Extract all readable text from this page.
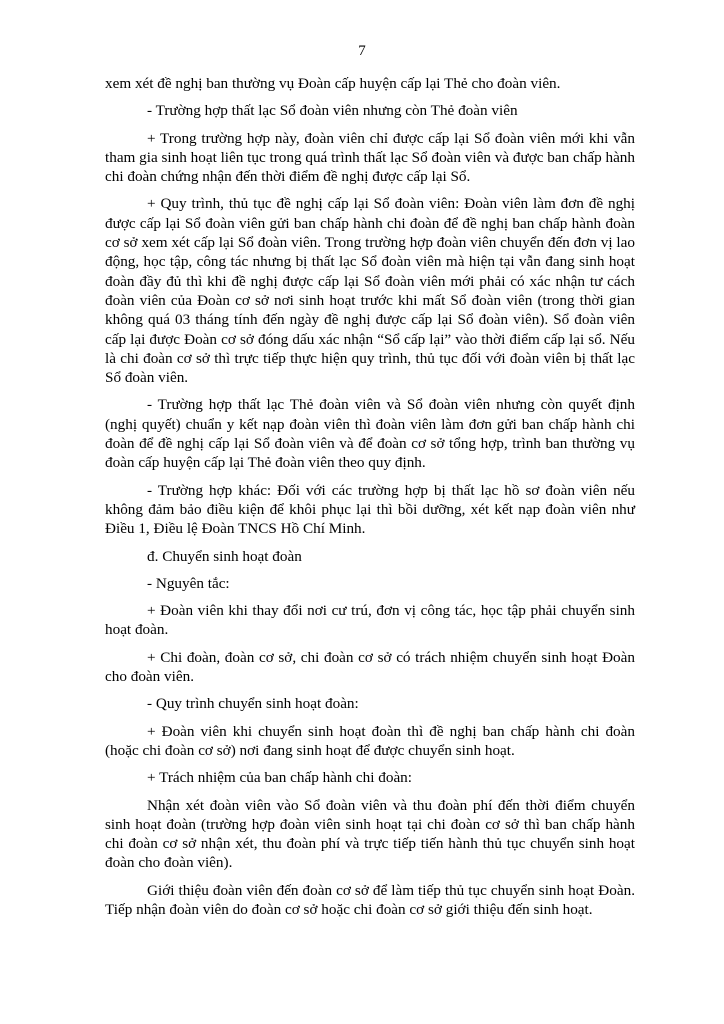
7

xem xét đề nghị ban thường vụ Đoàn cấp huyện cấp lại Thẻ cho đoàn viên.

- Trường hợp thất lạc Sổ đoàn viên nhưng còn Thẻ đoàn viên

+ Trong trường hợp này, đoàn viên chỉ được cấp lại Sổ đoàn viên mới khi vẫn tham gia sinh hoạt liên tục trong quá trình thất lạc Sổ đoàn viên và được ban chấp hành chi đoàn chứng nhận đến thời điểm đề nghị được cấp lại Sổ.

+ Quy trình, thủ tục đề nghị cấp lại Sổ đoàn viên: Đoàn viên làm đơn đề nghị được cấp lại Sổ đoàn viên gửi ban chấp hành chi đoàn để đề nghị ban chấp hành đoàn cơ sở xem xét cấp lại Sổ đoàn viên. Trong trường hợp đoàn viên chuyển đến đơn vị lao động, học tập, công tác nhưng bị thất lạc Sổ đoàn viên mà hiện tại vẫn đang sinh hoạt đoàn đầy đủ thì khi đề nghị được cấp lại Sổ đoàn viên mới phải có xác nhận tư cách đoàn viên của Đoàn cơ sở nơi sinh hoạt trước khi mất Sổ đoàn viên (trong thời gian không quá 03 tháng tính đến ngày đề nghị được cấp lại Sổ đoàn viên). Sổ đoàn viên cấp lại được Đoàn cơ sở đóng dấu xác nhận “Sổ cấp lại” vào thời điểm cấp lại sổ. Nếu là chi đoàn cơ sở thì trực tiếp thực hiện quy trình, thủ tục đối với đoàn viên bị thất lạc Sổ đoàn viên.

- Trường hợp thất lạc Thẻ đoàn viên và Sổ đoàn viên nhưng còn quyết định (nghị quyết) chuẩn y kết nạp đoàn viên thì đoàn viên làm đơn gửi ban chấp hành chi đoàn để đề nghị cấp lại Sổ đoàn viên và để đoàn cơ sở tổng hợp, trình ban thường vụ đoàn cấp huyện cấp lại Thẻ đoàn viên theo quy định.

- Trường hợp khác: Đối với các trường hợp bị thất lạc hồ sơ đoàn viên nếu không đảm bảo điều kiện để khôi phục lại thì bồi dưỡng, xét kết nạp đoàn viên như Điều 1, Điều lệ Đoàn TNCS Hồ Chí Minh.

đ. Chuyển sinh hoạt đoàn

- Nguyên tắc:

+ Đoàn viên khi thay đổi nơi cư trú, đơn vị công tác, học tập phải chuyển sinh hoạt đoàn.

+ Chi đoàn, đoàn cơ sở, chi đoàn cơ sở có trách nhiệm chuyển sinh hoạt Đoàn cho đoàn viên.

- Quy trình chuyển sinh hoạt đoàn:

+ Đoàn viên khi chuyển sinh hoạt đoàn thì đề nghị ban chấp hành chi đoàn (hoặc chi đoàn cơ sở) nơi đang sinh hoạt để được chuyển sinh hoạt.

+ Trách nhiệm của ban chấp hành chi đoàn:

Nhận xét đoàn viên vào Sổ đoàn viên và thu đoàn phí đến thời điểm chuyển sinh hoạt đoàn (trường hợp đoàn viên sinh hoạt tại chi đoàn cơ sở thì ban chấp hành chi đoàn cơ sở nhận xét, thu đoàn phí và trực tiếp tiến hành thủ tục chuyển sinh hoạt đoàn cho đoàn viên).

Giới thiệu đoàn viên đến đoàn cơ sở để làm tiếp thủ tục chuyển sinh hoạt Đoàn. Tiếp nhận đoàn viên do đoàn cơ sở hoặc chi đoàn cơ sở giới thiệu đến sinh hoạt.
